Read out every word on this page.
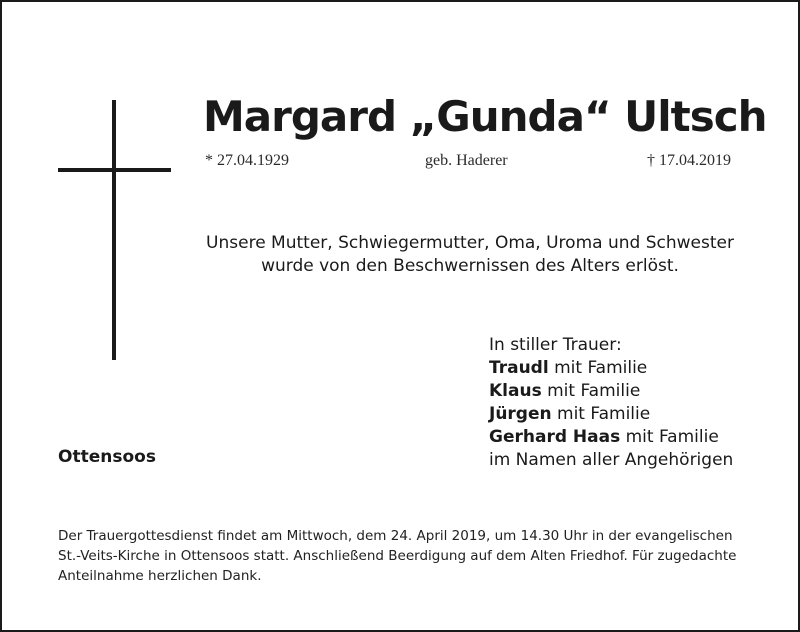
Margard „Gunda“ Ultsch
* 27.04.1929	geb. Haderer	† 17.04.2019
Unsere Mutter, Schwiegermutter, Oma, Uroma und Schwester
wurde von den Beschwernissen des Alters erlöst.
In stiller Trauer:
Traudl mit Familie
Klaus mit Familie
Jürgen mit Familie
Gerhard Haas mit Familie
im Namen aller Angehörigen
Ottensoos
Der Trauergottesdienst findet am Mittwoch, dem 24. April 2019, um 14.30 Uhr in der evangelischen
St.-Veits-Kirche in Ottensoos statt. Anschließend Beerdigung auf dem Alten Friedhof. Für zugedachte
Anteilnahme herzlichen Dank.
